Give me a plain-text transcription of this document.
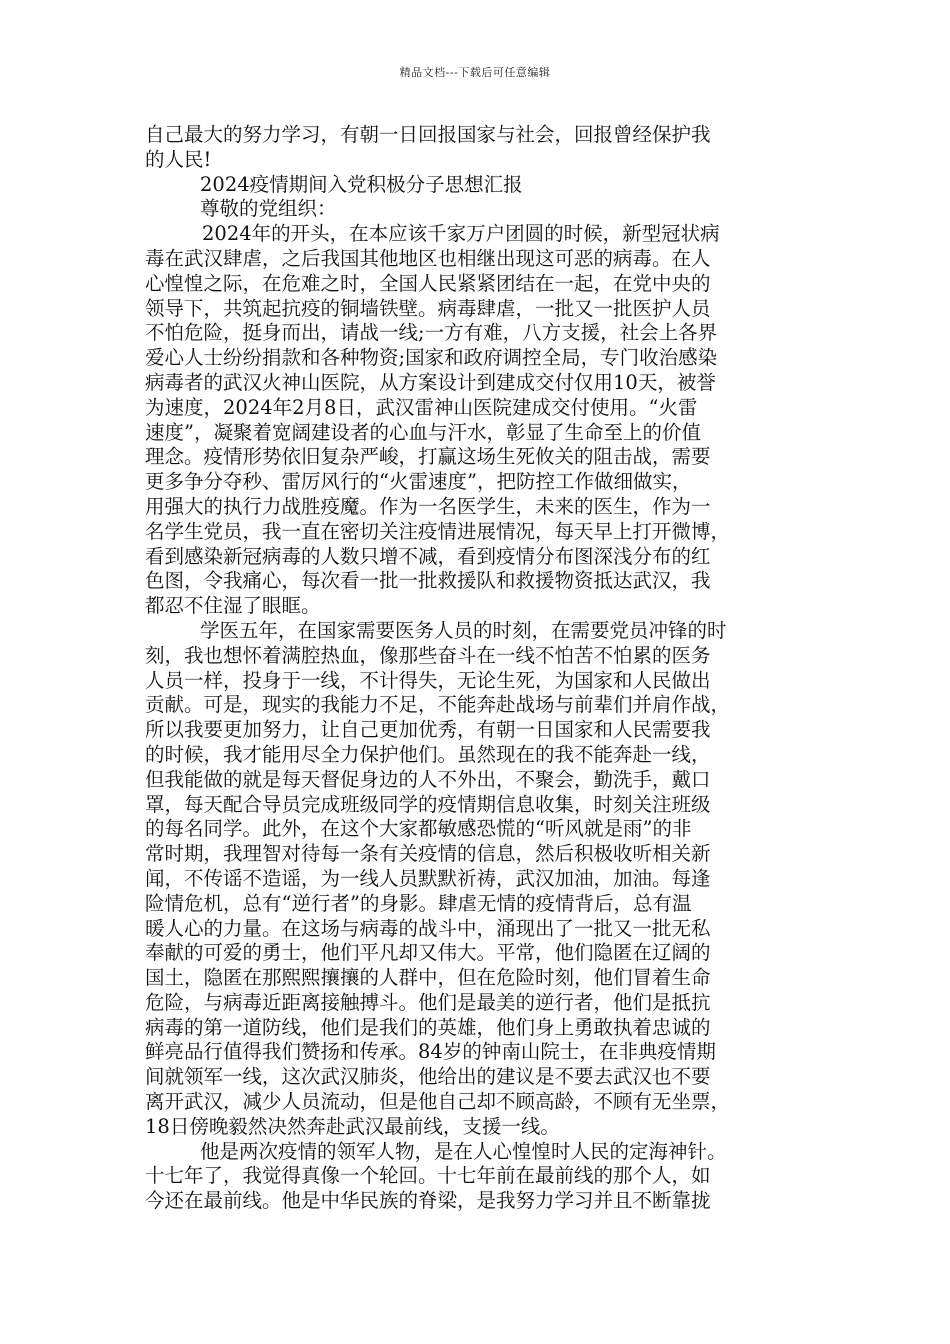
精品文档---下载后可任意编辑
自己最大的努力学习，有朝一日回报国家与社会，回报曾经保护我
的人民!
2024疫情期间入党积极分子思想汇报
尊敬的党组织：
2024年的开头，在本应该千家万户团圆的时候，新型冠状病
毒在武汉肆虐，之后我国其他地区也相继出现这可恶的病毒。在人
心惶惶之际，在危难之时，全国人民紧紧团结在一起，在党中央的
领导下，共筑起抗疫的铜墙铁壁。病毒肆虐，一批又一批医护人员
不怕危险，挺身而出，请战一线;一方有难，八方支援，社会上各界
爱心人士纷纷捐款和各种物资;国家和政府调控全局，专门收治感染
病毒者的武汉火神山医院，从方案设计到建成交付仅用10天，被誉
为速度，2024年2月8日，武汉雷神山医院建成交付使用。“火雷
速度”，凝聚着宽阔建设者的心血与汗水，彰显了生命至上的价值
理念。疫情形势依旧复杂严峻，打赢这场生死攸关的阻击战，需要
更多争分夺秒、雷厉风行的“火雷速度”，把防控工作做细做实，
用强大的执行力战胜疫魔。作为一名医学生，未来的医生，作为一
名学生党员，我一直在密切关注疫情进展情况，每天早上打开微博，
看到感染新冠病毒的人数只增不减，看到疫情分布图深浅分布的红
色图，令我痛心，每次看一批一批救援队和救援物资抵达武汉，我
都忍不住湿了眼眶。
学医五年，在国家需要医务人员的时刻，在需要党员冲锋的时
刻，我也想怀着满腔热血，像那些奋斗在一线不怕苦不怕累的医务
人员一样，投身于一线，不计得失，无论生死，为国家和人民做出
贡献。可是，现实的我能力不足，不能奔赴战场与前辈们并肩作战，
所以我要更加努力，让自己更加优秀，有朝一日国家和人民需要我
的时候，我才能用尽全力保护他们。虽然现在的我不能奔赴一线，
但我能做的就是每天督促身边的人不外出，不聚会，勤洗手，戴口
罩，每天配合导员完成班级同学的疫情期信息收集，时刻关注班级
的每名同学。此外，在这个大家都敏感恐慌的“听风就是雨”的非
常时期，我理智对待每一条有关疫情的信息，然后积极收听相关新
闻，不传谣不造谣，为一线人员默默祈祷，武汉加油，加油。每逢
险情危机，总有“逆行者”的身影。肆虐无情的疫情背后，总有温
暖人心的力量。在这场与病毒的战斗中，涌现出了一批又一批无私
奉献的可爱的勇士，他们平凡却又伟大。平常，他们隐匿在辽阔的
国土，隐匿在那熙熙攘攘的人群中，但在危险时刻，他们冒着生命
危险，与病毒近距离接触搏斗。他们是最美的逆行者，他们是抵抗
病毒的第一道防线，他们是我们的英雄，他们身上勇敢执着忠诚的
鲜亮品行值得我们赞扬和传承。84岁的钟南山院士，在非典疫情期
间就领军一线，这次武汉肺炎，他给出的建议是不要去武汉也不要
离开武汉，减少人员流动，但是他自己却不顾高龄，不顾有无坐票，
18日傍晚毅然决然奔赴武汉最前线，支援一线。
他是两次疫情的领军人物，是在人心惶惶时人民的定海神针。
十七年了，我觉得真像一个轮回。十七年前在最前线的那个人，如
今还在最前线。他是中华民族的脊梁，是我努力学习并且不断靠拢
